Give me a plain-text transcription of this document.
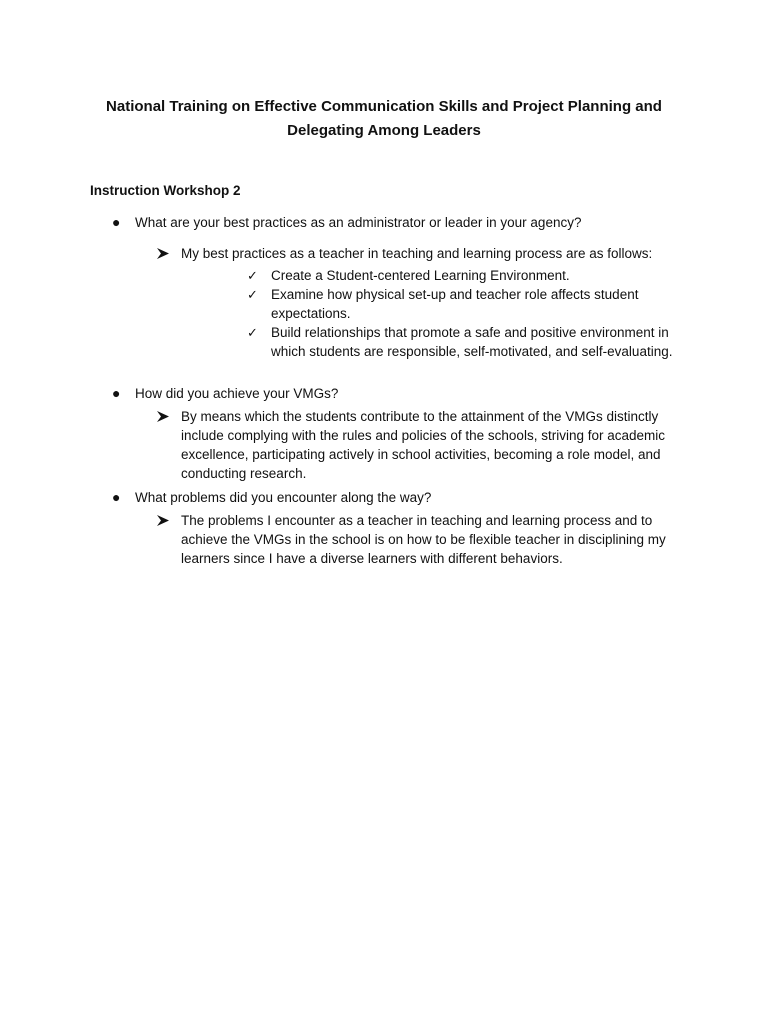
National Training on Effective Communication Skills and Project Planning and
Delegating Among Leaders
Instruction Workshop 2
● What are your best practices as an administrator or leader in your agency?
My best practices as a teacher in teaching and learning process are as follows:
✓ Create a Student-centered Learning Environment.
✓ Examine how physical set-up and teacher role affects student expectations.
✓ Build relationships that promote a safe and positive environment in which students are responsible, self-motivated, and self-evaluating.
● How did you achieve your VMGs?
By means which the students contribute to the attainment of the VMGs distinctly include complying with the rules and policies of the schools, striving for academic excellence, participating actively in school activities, becoming a role model, and conducting research.
● What problems did you encounter along the way?
The problems I encounter as a teacher in teaching and learning process and to achieve the VMGs in the school is on how to be flexible teacher in disciplining my learners since I have a diverse learners with different behaviors.
